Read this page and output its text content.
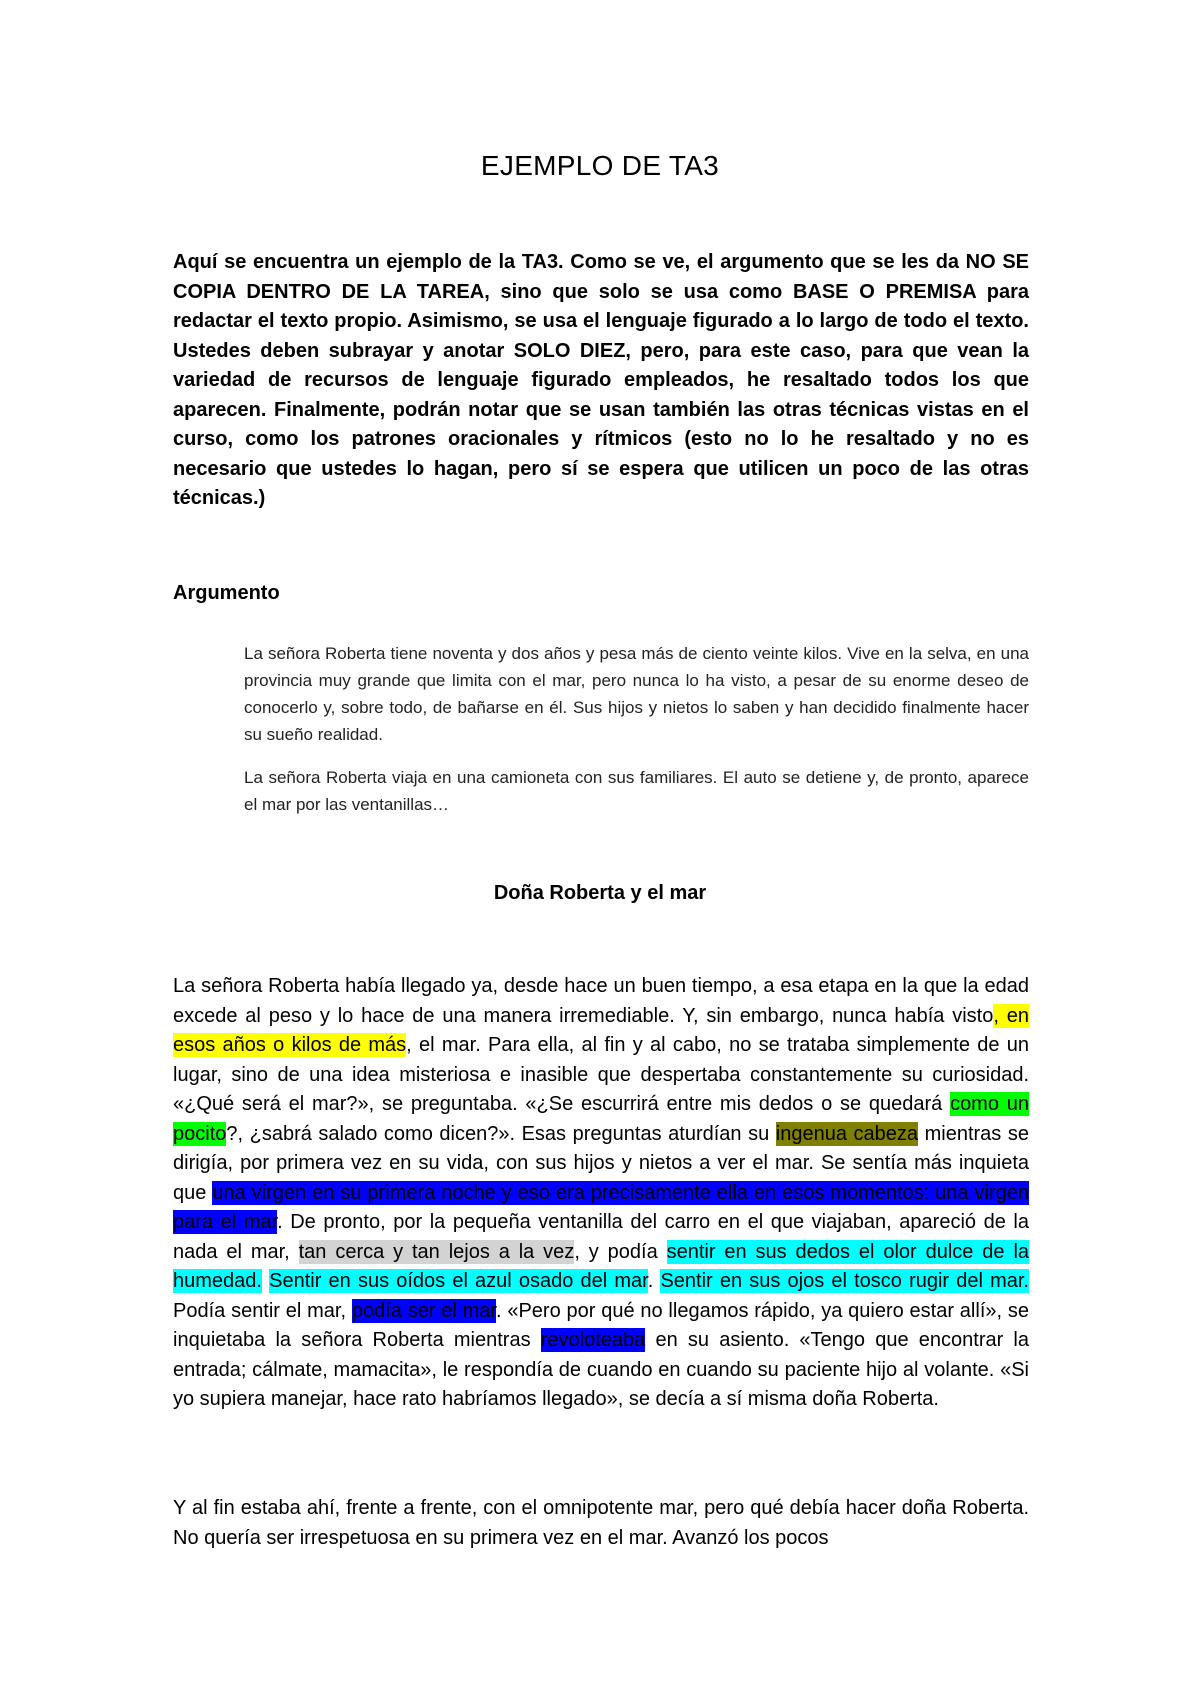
EJEMPLO DE TA3

Aquí se encuentra un ejemplo de la TA3. Como se ve, el argumento que se les da NO SE COPIA DENTRO DE LA TAREA, sino que solo se usa como BASE O PREMISA para redactar el texto propio. Asimismo, se usa el lenguaje figurado a lo largo de todo el texto. Ustedes deben subrayar y anotar SOLO DIEZ, pero, para este caso, para que vean la variedad de recursos de lenguaje figurado empleados, he resaltado todos los que aparecen. Finalmente, podrán notar que se usan también las otras técnicas vistas en el curso, como los patrones oracionales y rítmicos (esto no lo he resaltado y no es necesario que ustedes lo hagan, pero sí se espera que utilicen un poco de las otras técnicas.)

Argumento

La señora Roberta tiene noventa y dos años y pesa más de ciento veinte kilos. Vive en la selva, en una provincia muy grande que limita con el mar, pero nunca lo ha visto, a pesar de su enorme deseo de conocerlo y, sobre todo, de bañarse en él. Sus hijos y nietos lo saben y han decidido finalmente hacer su sueño realidad.

La señora Roberta viaja en una camioneta con sus familiares. El auto se detiene y, de pronto, aparece el mar por las ventanillas…

Doña Roberta y el mar

La señora Roberta había llegado ya, desde hace un buen tiempo, a esa etapa en la que la edad excede al peso y lo hace de una manera irremediable. Y, sin embargo, nunca había visto, en esos años o kilos de más, el mar. Para ella, al fin y al cabo, no se trataba simplemente de un lugar, sino de una idea misteriosa e inasible que despertaba constantemente su curiosidad. «¿Qué será el mar?», se preguntaba. «¿Se escurrirá entre mis dedos o se quedará como un pocito?, ¿sabrá salado como dicen?». Esas preguntas aturdían su ingenua cabeza mientras se dirigía, por primera vez en su vida, con sus hijos y nietos a ver el mar. Se sentía más inquieta que una virgen en su primera noche y eso era precisamente ella en esos momentos: una virgen para el mar. De pronto, por la pequeña ventanilla del carro en el que viajaban, apareció de la nada el mar, tan cerca y tan lejos a la vez, y podía sentir en sus dedos el olor dulce de la humedad. Sentir en sus oídos el azul osado del mar. Sentir en sus ojos el tosco rugir del mar. Podía sentir el mar, podía ser el mar. «Pero por qué no llegamos rápido, ya quiero estar allí», se inquietaba la señora Roberta mientras revoloteaba en su asiento. «Tengo que encontrar la entrada; cálmate, mamacita», le respondía de cuando en cuando su paciente hijo al volante. «Si yo supiera manejar, hace rato habríamos llegado», se decía a sí misma doña Roberta.

Y al fin estaba ahí, frente a frente, con el omnipotente mar, pero qué debía hacer doña Roberta. No quería ser irrespetuosa en su primera vez en el mar. Avanzó los pocos
